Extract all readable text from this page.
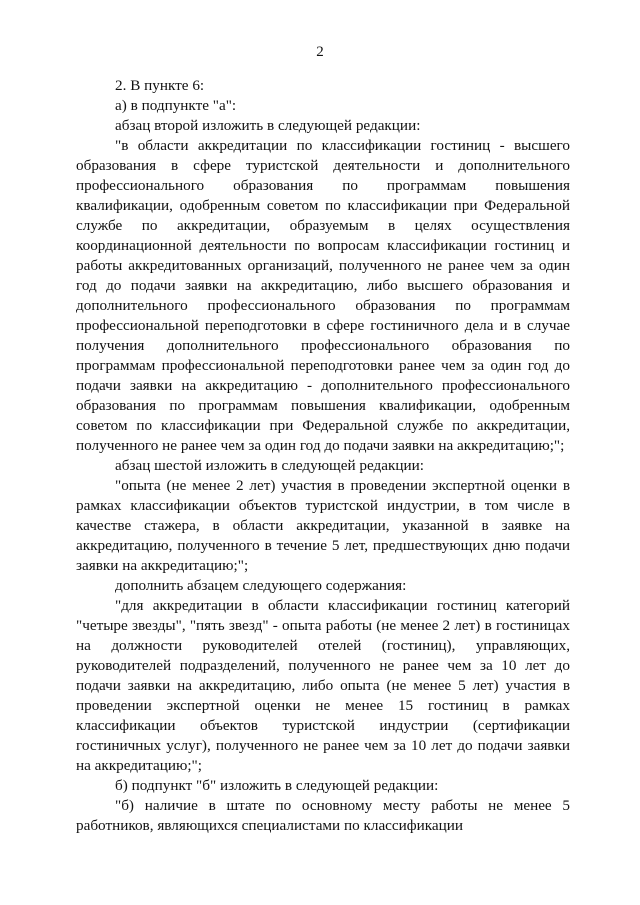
2

2. В пункте 6:

а) в подпункте "а":

абзац второй изложить в следующей редакции:

"в области аккредитации по классификации гостиниц - высшего образования в сфере туристской деятельности и дополнительного профессионального образования по программам повышения квалификации, одобренным советом по классификации при Федеральной службе по аккредитации, образуемым в целях осуществления координационной деятельности по вопросам классификации гостиниц и работы аккредитованных организаций, полученного не ранее чем за один год до подачи заявки на аккредитацию, либо высшего образования и дополнительного профессионального образования по программам профессиональной переподготовки в сфере гостиничного дела и в случае получения дополнительного профессионального образования по программам профессиональной переподготовки ранее чем за один год до подачи заявки на аккредитацию - дополнительного профессионального образования по программам повышения квалификации, одобренным советом по классификации при Федеральной службе по аккредитации, полученного не ранее чем за один год до подачи заявки на аккредитацию;";

абзац шестой изложить в следующей редакции:

"опыта (не менее 2 лет) участия в проведении экспертной оценки в рамках классификации объектов туристской индустрии, в том числе в качестве стажера, в области аккредитации, указанной в заявке на аккредитацию, полученного в течение 5 лет, предшествующих дню подачи заявки на аккредитацию;";

дополнить абзацем следующего содержания:

"для аккредитации в области классификации гостиниц категорий "четыре звезды", "пять звезд" - опыта работы (не менее 2 лет) в гостиницах на должности руководителей отелей (гостиниц), управляющих, руководителей подразделений, полученного не ранее чем за 10 лет до подачи заявки на аккредитацию, либо опыта (не менее 5 лет) участия в проведении экспертной оценки не менее 15 гостиниц в рамках классификации объектов туристской индустрии (сертификации гостиничных услуг), полученного не ранее чем за 10 лет до подачи заявки на аккредитацию;";

б) подпункт "б" изложить в следующей редакции:

"б) наличие в штате по основному месту работы не менее 5 работников, являющихся специалистами по классификации
